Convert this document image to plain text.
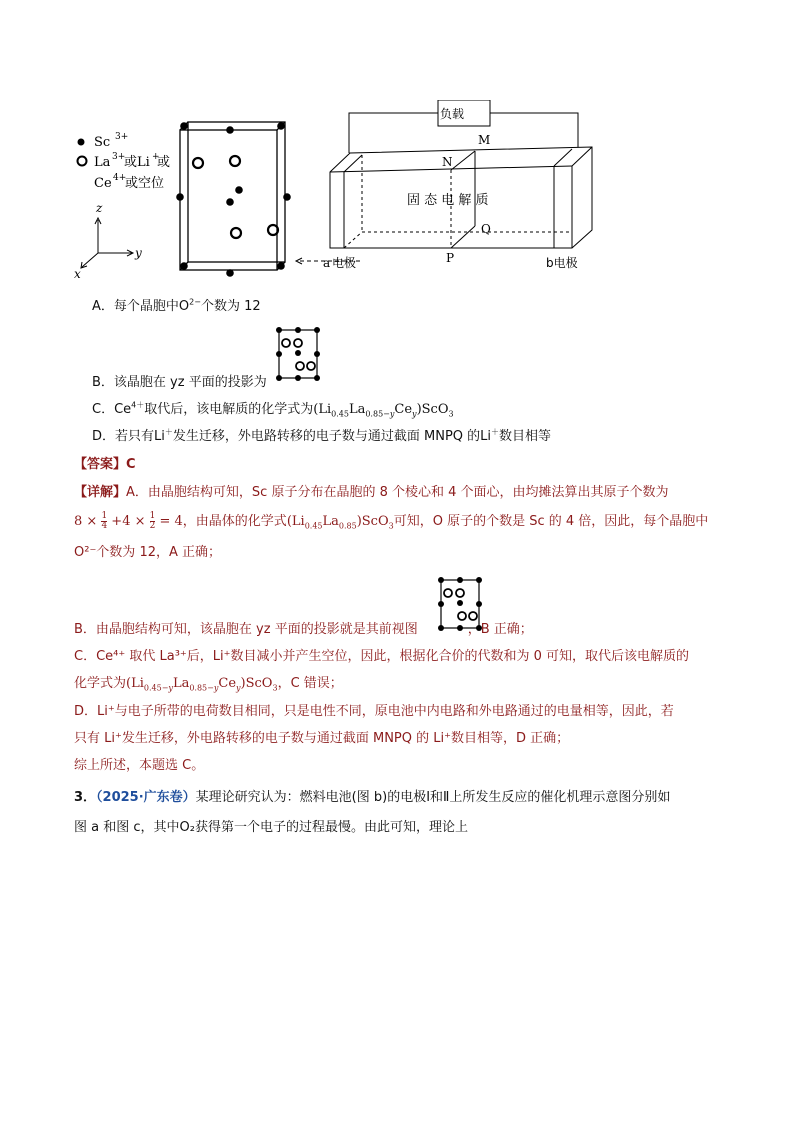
Sc 3+
La 3+
或Li +
或
Ce 4+
或空位
z
y
x
负载
M
N
P
Q
固 态 电 解 质
a 电极	b电极
A．每个晶胞中$O^{2-}$个数为 12
B．该晶胞在 yz 平面的投影为
C．$Ce^{4+}$取代后，该电解质的化学式为$(Li_{0.45}La_{0.85-y}Ce_y)ScO_3$
D．若只有Li＋发生迁移，外电路转移的电子数与通过截面 MNPQ 的Li＋数目相等
【答案】C
【详解】A．由晶胞结构可知，Sc 原子分布在晶胞的 8 个棱心和 4 个面心，由均摊法算出其原子个数为
$8 \times \frac{1}{4} +4 \times \frac{1}{2} = 4$，由晶体的化学式$(Li_{0.45}La_{0.85})ScO_3$可知，O 原子的个数是 Sc 的 4 倍，因此，每个晶胞中
O²⁻个数为 12，A 正确；
B．由晶胞结构可知，该晶胞在 yz 平面的投影就是其前视图	，B 正确；
C．Ce⁴⁺ 取代 La³⁺后，Li⁺数目减小并产生空位，因此，根据化合价的代数和为 0 可知，取代后该电解质的
化学式为$(Li_{0.45-y}La_{0.85-y}Ce_y)ScO_3$，C 错误；
D．Li⁺与电子所带的电荷数目相同，只是电性不同，原电池中内电路和外电路通过的电量相等，因此，若
只有 Li⁺发生迁移，外电路转移的电子数与通过截面 MNPQ 的 Li⁺数目相等，D 正确；
综上所述，本题选 C。
3．（2025·广东卷）某理论研究认为：燃料电池(图 b)的电极Ⅰ和Ⅱ上所发生反应的催化机理示意图分别如
图 a 和图 c，其中O₂获得第一个电子的过程最慢。由此可知，理论上
